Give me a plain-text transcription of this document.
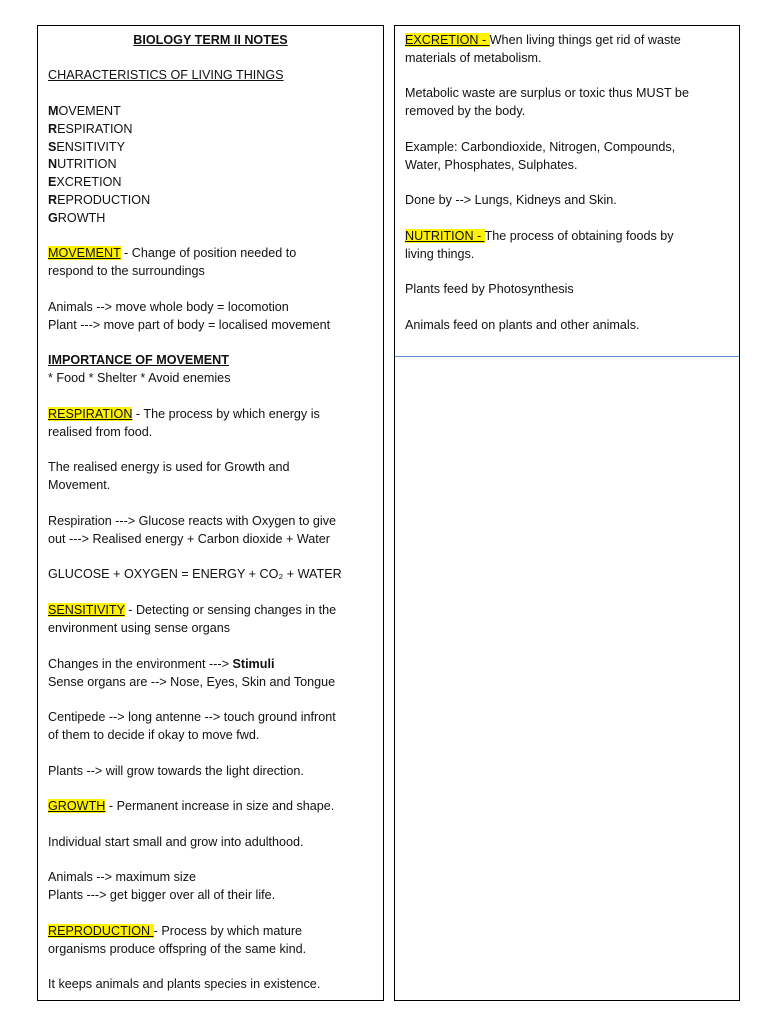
BIOLOGY TERM II NOTES
CHARACTERISTICS OF LIVING THINGS
MOVEMENT
RESPIRATION
SENSITIVITY
NUTRITION
EXCRETION
REPRODUCTION
GROWTH
MOVEMENT - Change of position needed to
respond to the surroundings
Animals --> move whole body = locomotion
Plant ---> move part of body = localised movement
IMPORTANCE OF MOVEMENT
* Food * Shelter * Avoid enemies
RESPIRATION - The process by which energy is
realised from food.
The realised energy is used for Growth and
Movement.
Respiration ---> Glucose reacts with Oxygen to give
out ---> Realised energy + Carbon dioxide + Water
GLUCOSE + OXYGEN = ENERGY + CO₂ + WATER
SENSITIVITY - Detecting or sensing changes in the
environment using sense organs
Changes in the environment ---> Stimuli
Sense organs are --> Nose, Eyes, Skin and Tongue
Centipede --> long antenne --> touch ground infront
of them to decide if okay to move fwd.
Plants --> will grow towards the light direction.
GROWTH - Permanent increase in size and shape.
Individual start small and grow into adulthood.
Animals --> maximum size
Plants ---> get bigger over all of their life.
REPRODUCTION - Process by which mature
organisms produce offspring of the same kind.
It keeps animals and plants species in existence.
EXCRETION - When living things get rid of waste
materials of metabolism.
Metabolic waste are surplus or toxic thus MUST be
removed by the body.
Example: Carbondioxide, Nitrogen, Compounds,
Water, Phosphates, Sulphates.
Done by --> Lungs, Kidneys and Skin.
NUTRITION - The process of obtaining foods by
living things.
Plants feed by Photosynthesis
Animals feed on plants and other animals.
